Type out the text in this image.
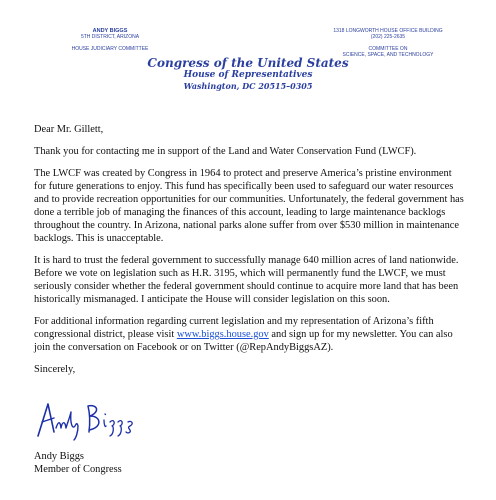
ANDY BIGGS
5TH DISTRICT, ARIZONA
HOUSE JUDICIARY COMMITTEE
1318 LONGWORTH HOUSE OFFICE BUILDING
(202) 225-2635
COMMITTEE ON
SCIENCE, SPACE, AND TECHNOLOGY
Congress of the United States
House of Representatives
Washington, DC 20515–0305

Dear Mr. Gillett,

Thank you for contacting me in support of the Land and Water Conservation Fund (LWCF).

The LWCF was created by Congress in 1964 to protect and preserve America’s pristine environment for future generations to enjoy. This fund has specifically been used to safeguard our water resources and to provide recreation opportunities for our communities. Unfortunately, the federal government has done a terrible job of managing the finances of this account, leading to large maintenance backlogs throughout the country. In Arizona, national parks alone suffer from over $530 million in maintenance backlogs. This is unacceptable.

It is hard to trust the federal government to successfully manage 640 million acres of land nationwide. Before we vote on legislation such as H.R. 3195, which will permanently fund the LWCF, we must seriously consider whether the federal government should continue to acquire more land that has been historically mismanaged. I anticipate the House will consider legislation on this soon.

For additional information regarding current legislation and my representation of Arizona’s fifth congressional district, please visit www.biggs.house.gov and sign up for my newsletter. You can also join the conversation on Facebook or on Twitter (@RepAndyBiggsAZ).

Sincerely,

Andy Biggs
Member of Congress
